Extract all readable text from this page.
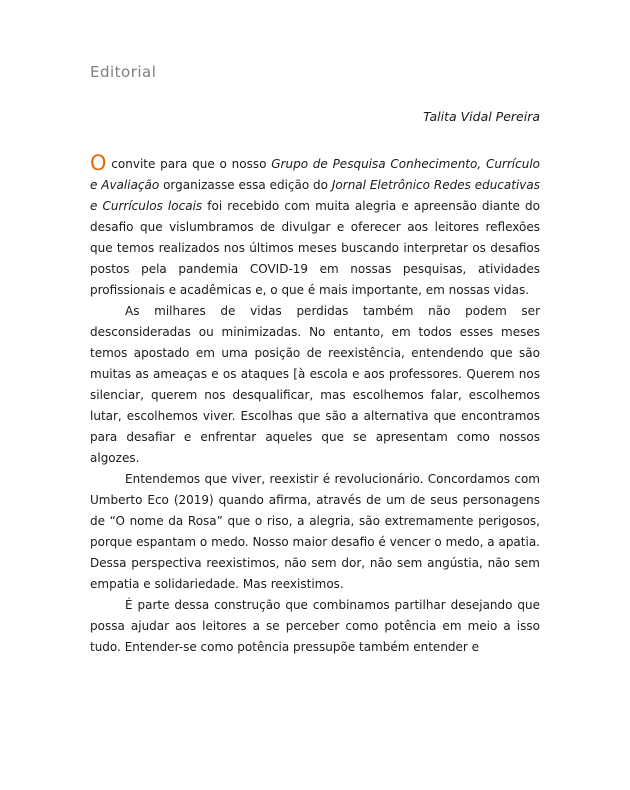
Editorial
Talita Vidal Pereira

O convite para que o nosso Grupo de Pesquisa Conhecimento, Currículo e Avaliação organizasse essa edição do Jornal Eletrônico Redes educativas e Currículos locais foi recebido com muita alegria e apreensão diante do desafio que vislumbramos de divulgar e oferecer aos leitores reflexões que temos realizados nos últimos meses buscando interpretar os desafios postos pela pandemia COVID-19 em nossas pesquisas, atividades profissionais e acadêmicas e, o que é mais importante, em nossas vidas.

As milhares de vidas perdidas também não podem ser desconsideradas ou minimizadas. No entanto, em todos esses meses temos apostado em uma posição de reexistência, entendendo que são muitas as ameaças e os ataques [à escola e aos professores. Querem nos silenciar, querem nos desqualificar, mas escolhemos falar, escolhemos lutar, escolhemos viver. Escolhas que são a alternativa que encontramos para desafiar e enfrentar aqueles que se apresentam como nossos algozes.

Entendemos que viver, reexistir é revolucionário. Concordamos com Umberto Eco (2019) quando afirma, através de um de seus personagens de “O nome da Rosa” que o riso, a alegria, são extremamente perigosos, porque espantam o medo. Nosso maior desafio é vencer o medo, a apatia. Dessa perspectiva reexistimos, não sem dor, não sem angústia, não sem empatia e solidariedade. Mas reexistimos.

É parte dessa construção que combinamos partilhar desejando que possa ajudar aos leitores a se perceber como potência em meio a isso tudo. Entender-se como potência pressupõe também entender e
